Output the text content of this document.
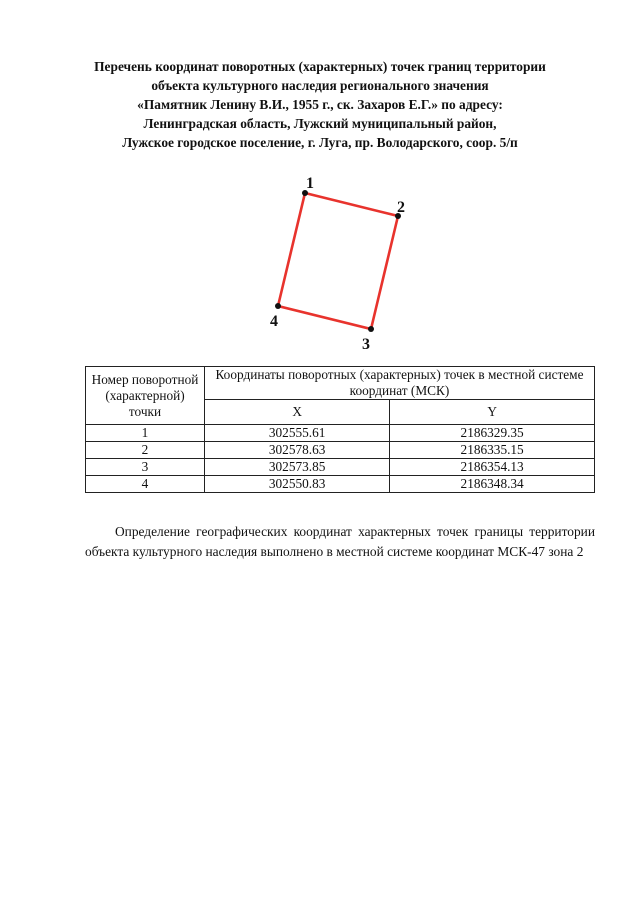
Перечень координат поворотных (характерных) точек границ территории
объекта культурного наследия регионального значения
«Памятник Ленину В.И., 1955 г., ск. Захаров Е.Г.» по адресу:
Ленинградская область, Лужский муниципальный район,
Лужское городское поселение, г. Луга, пр. Володарского, соор. 5/п
1
2
3
4
Номер поворотной (характерной) точки	Координаты поворотных (характерных) точек в местной системе координат (МСК)	
	X	Y
1	302555.61	2186329.35
2	302578.63	2186335.15
3	302573.85	2186354.13
4	302550.83	2186348.34

Определение географических координат характерных точек границы территории объекта культурного наследия выполнено в местной системе координат МСК-47 зона 2
